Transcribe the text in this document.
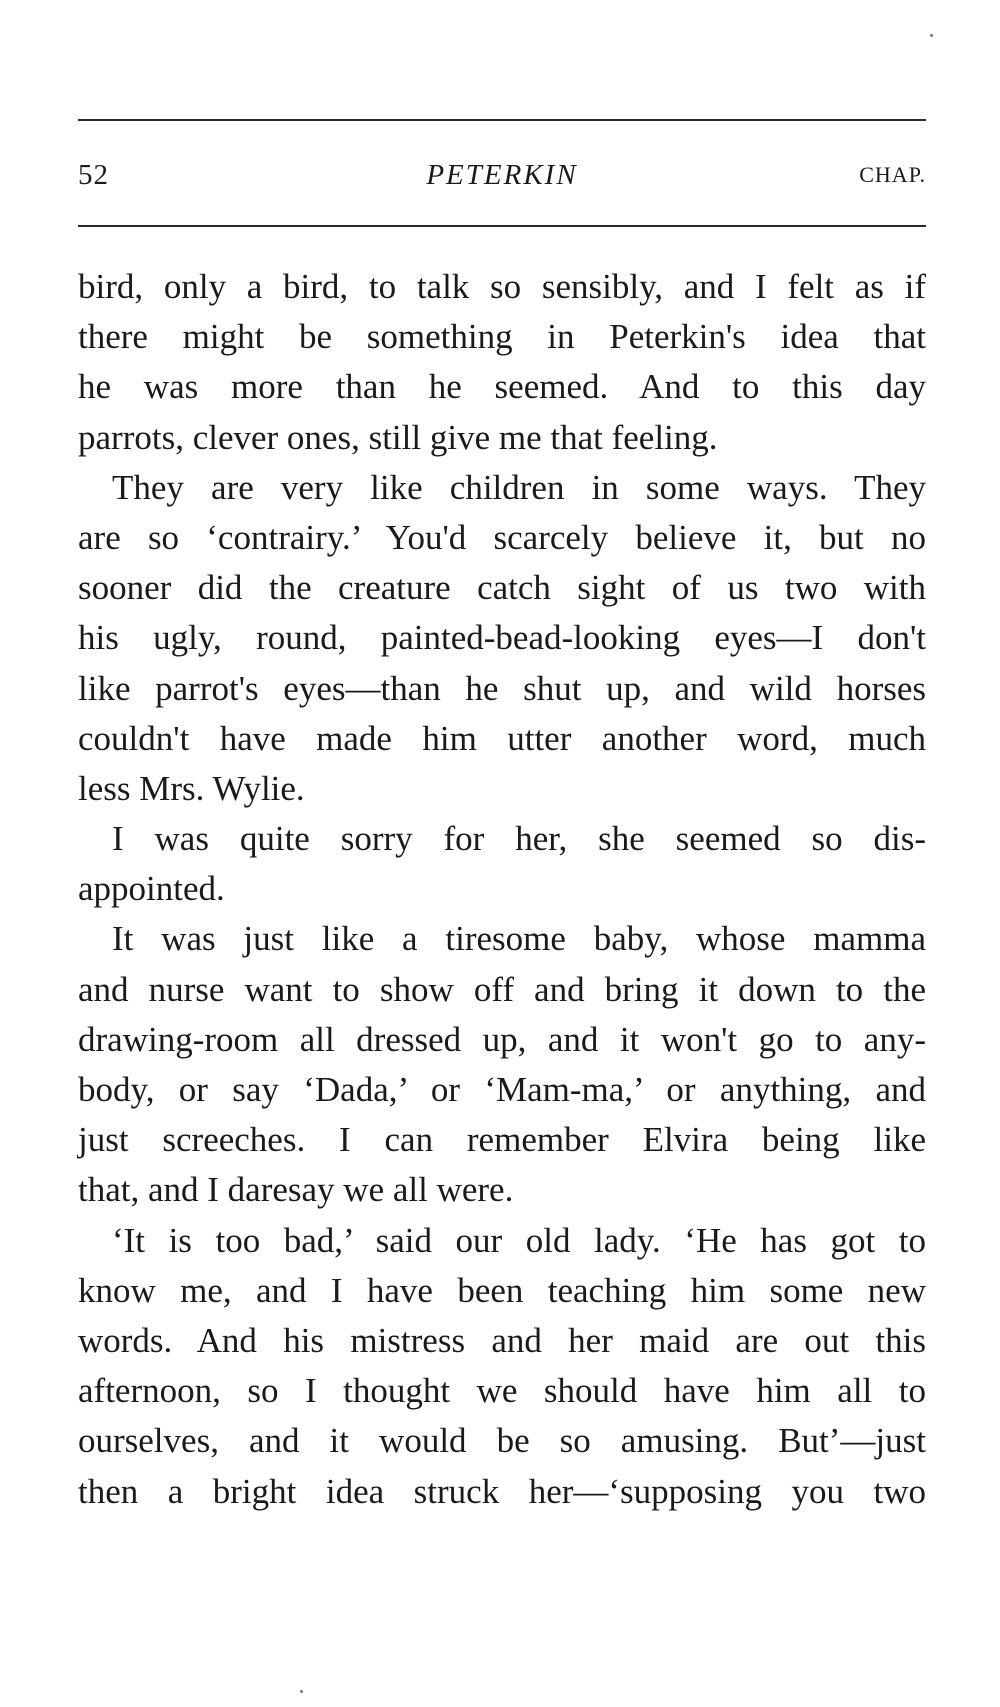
52	PETERKIN	CHAP.
bird, only a bird, to talk so sensibly, and I felt as if
there might be something in Peterkin's idea that
he was more than he seemed. And to this day
parrots, clever ones, still give me that feeling.
They are very like children in some ways. They
are so ‘contrairy.’ You'd scarcely believe it, but no
sooner did the creature catch sight of us two with
his ugly, round, painted-bead-looking eyes—I don't
like parrot's eyes—than he shut up, and wild horses
couldn't have made him utter another word, much
less Mrs. Wylie.
I was quite sorry for her, she seemed so dis-
appointed.
It was just like a tiresome baby, whose mamma
and nurse want to show off and bring it down to the
drawing-room all dressed up, and it won't go to any-
body, or say ‘Dada,’ or ‘Mam-ma,’ or anything, and
just screeches. I can remember Elvira being like
that, and I daresay we all were.
‘It is too bad,’ said our old lady. ‘He has got to
know me, and I have been teaching him some new
words. And his mistress and her maid are out this
afternoon, so I thought we should have him all to
ourselves, and it would be so amusing. But’—just
then a bright idea struck her—‘supposing you two
